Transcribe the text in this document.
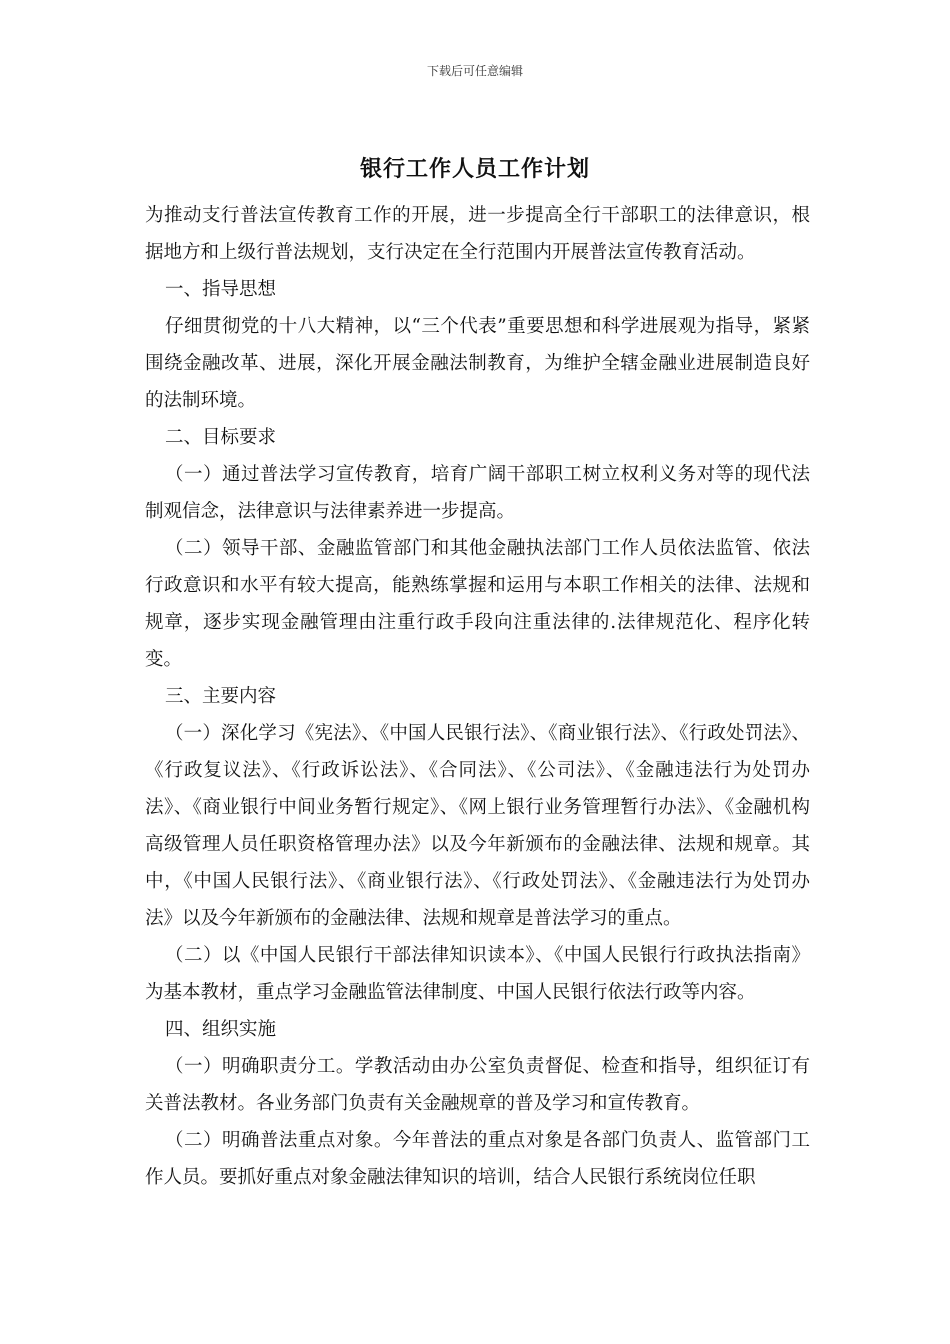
下载后可任意编辑
银行工作人员工作计划

为推动支行普法宣传教育工作的开展，进一步提高全行干部职工的法律意识，根据地方和上级行普法规划，支行决定在全行范围内开展普法宣传教育活动。

一、指导思想

仔细贯彻党的十八大精神，以“三个代表”重要思想和科学进展观为指导，紧紧围绕金融改革、进展，深化开展金融法制教育，为维护全辖金融业进展制造良好的法制环境。

二、目标要求

（一）通过普法学习宣传教育，培育广阔干部职工树立权利义务对等的现代法制观信念，法律意识与法律素养进一步提高。

（二）领导干部、金融监管部门和其他金融执法部门工作人员依法监管、依法行政意识和水平有较大提高，能熟练掌握和运用与本职工作相关的法律、法规和规章，逐步实现金融管理由注重行政手段向注重法律的.法律规范化、程序化转变。

三、主要内容

（一）深化学习《宪法》、《中国人民银行法》、《商业银行法》、《行政处罚法》、《行政复议法》、《行政诉讼法》、《合同法》、《公司法》、《金融违法行为处罚办法》、《商业银行中间业务暂行规定》、《网上银行业务管理暂行办法》、《金融机构高级管理人员任职资格管理办法》以及今年新颁布的金融法律、法规和规章。其中，《中国人民银行法》、《商业银行法》、《行政处罚法》、《金融违法行为处罚办法》以及今年新颁布的金融法律、法规和规章是普法学习的重点。

（二）以《中国人民银行干部法律知识读本》、《中国人民银行行政执法指南》为基本教材，重点学习金融监管法律制度、中国人民银行依法行政等内容。

四、组织实施

（一）明确职责分工。学教活动由办公室负责督促、检查和指导，组织征订有关普法教材。各业务部门负责有关金融规章的普及学习和宣传教育。

（二）明确普法重点对象。今年普法的重点对象是各部门负责人、监管部门工作人员。要抓好重点对象金融法律知识的培训，结合人民银行系统岗位任职
